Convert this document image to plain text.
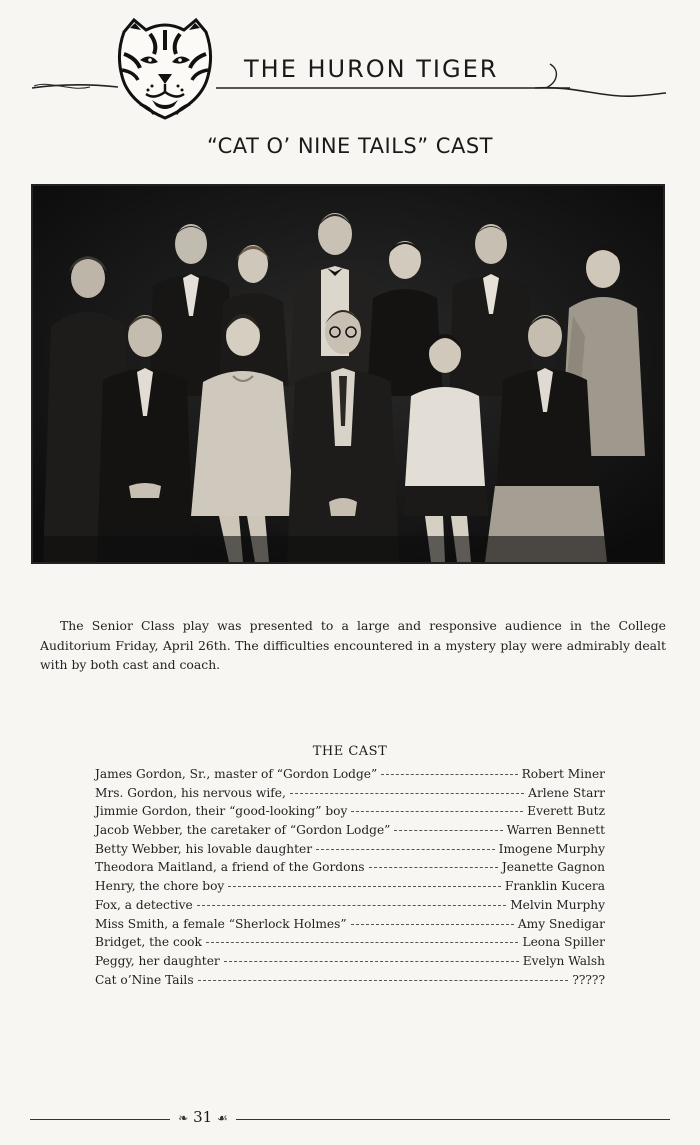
THE HURON TIGER
“CAT O’ NINE TAILS” CAST

The Senior Class play was presented to a large and responsive audience in the College Auditorium Friday, April 26th. The difficulties encountered in a mystery play were admirably dealt with by both cast and coach.

THE CAST
James Gordon, Sr., master of “Gordon Lodge”	Robert Miner
Mrs. Gordon, his nervous wife,	Arlene Starr
Jimmie Gordon, their “good-looking” boy	Everett Butz
Jacob Webber, the caretaker of “Gordon Lodge”	Warren Bennett
Betty Webber, his lovable daughter	Imogene Murphy
Theodora Maitland, a friend of the Gordons	Jeanette Gagnon
Henry, the chore boy	Franklin Kucera
Fox, a detective	Melvin Murphy
Miss Smith, a female “Sherlock Holmes”	Amy Snedigar
Bridget, the cook	Leona Spiller
Peggy, her daughter	Evelyn Walsh
Cat o’Nine Tails	?????
❧ 31 ☙
